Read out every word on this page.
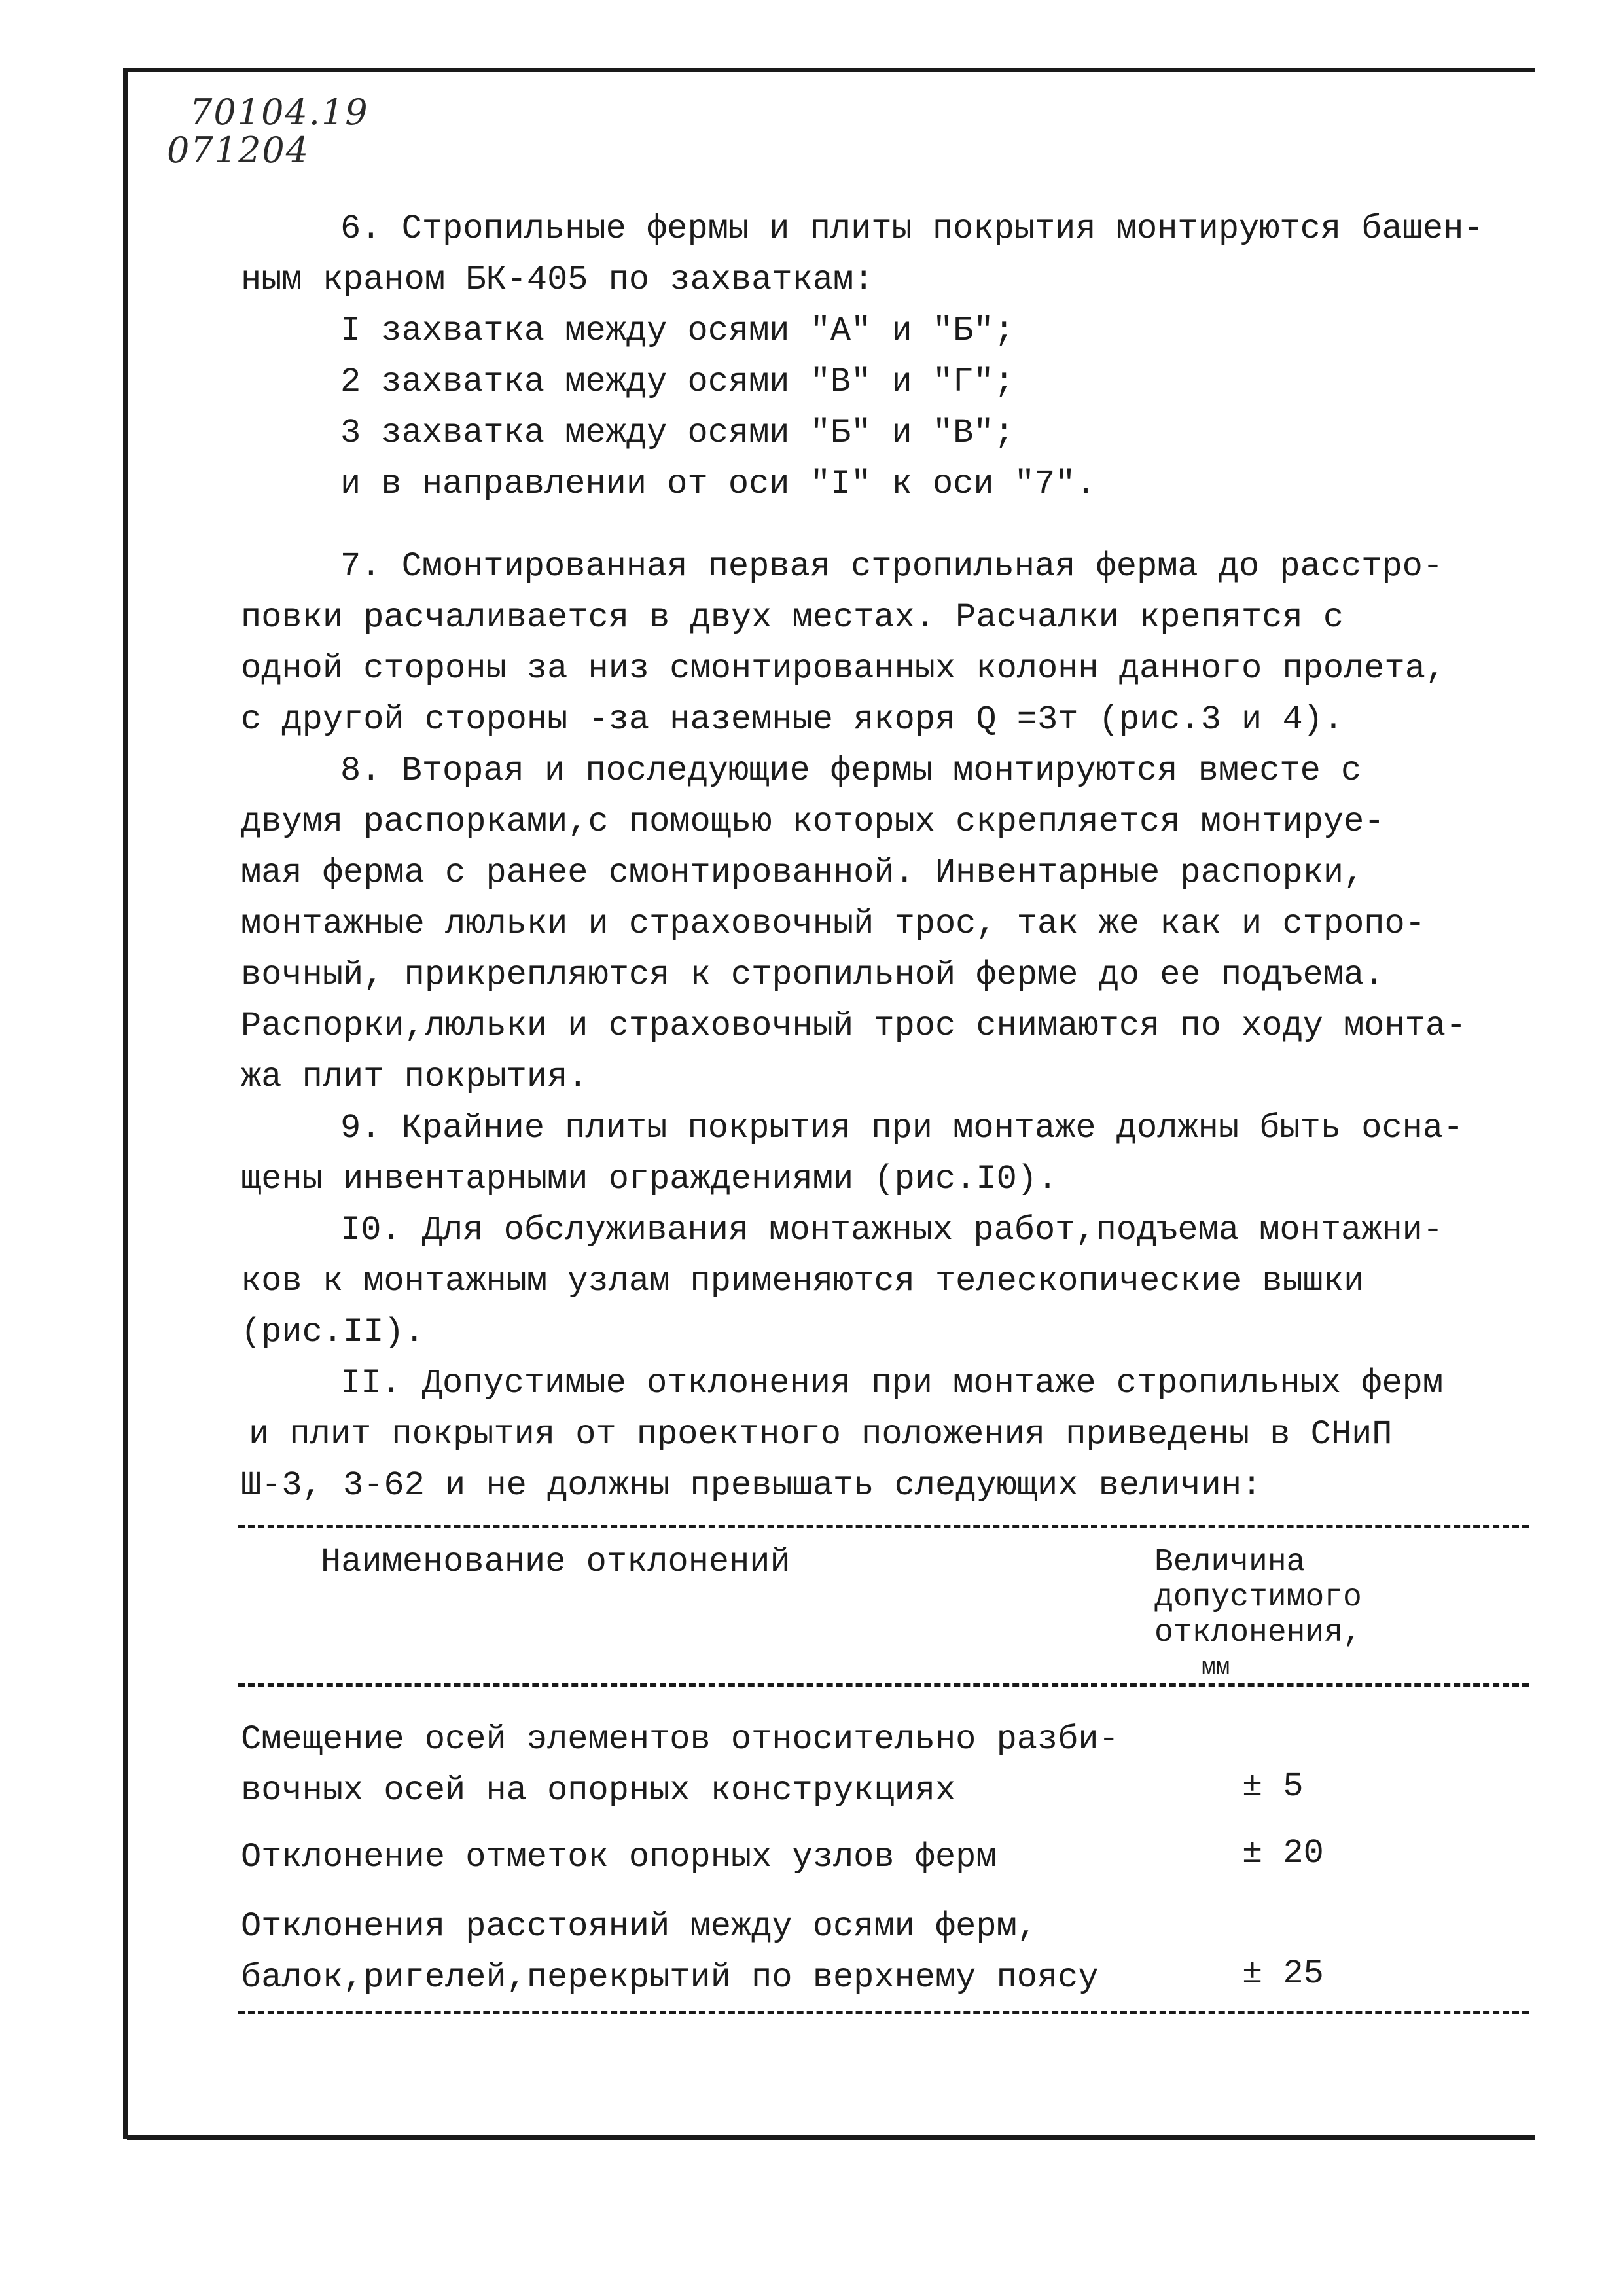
70104.19
071204
6. Стропильные фермы и плиты покрытия монтируются башен-
ным краном БК-405 по захваткам:
I захватка между осями "А" и "Б";
2 захватка между осями "В" и "Г";
3 захватка между осями "Б" и "В";
и в направлении от оси "I" к оси "7".
7. Смонтированная первая стропильная ферма до расстро-
повки расчаливается в двух местах. Расчалки крепятся с
одной стороны за низ смонтированных колонн данного пролета,
с другой стороны -за наземные якоря Q =3т (рис.3 и 4).
8. Вторая и последующие фермы монтируются вместе с
двумя распорками,с помощью которых скрепляется монтируе-
мая ферма с ранее смонтированной. Инвентарные распорки,
монтажные люльки и страховочный трос, так же как и стропо-
вочный, прикрепляются к стропильной ферме до ее подъема.
Распорки,люльки и страховочный трос снимаются по ходу монта-
жа плит покрытия.
9. Крайние плиты покрытия при монтаже должны быть осна-
щены инвентарными ограждениями (рис.I0).
I0. Для обслуживания монтажных работ,подъема монтажни-
ков к монтажным узлам применяются телескопические вышки
(рис.II).
II. Допустимые отклонения при монтаже стропильных ферм
и плит покрытия от проектного положения приведены в СНиП
Ш-3, 3-62 и не должны превышать следующих величин:
Наименование отклонений	Величина
допустимого
отклонения,
мм
Смещение осей элементов относительно разби-
вочных осей на опорных конструкциях	± 5
Отклонение отметок опорных узлов ферм	± 20
Отклонения расстояний между осями ферм,
балок,ригелей,перекрытий по верхнему поясу	± 25
